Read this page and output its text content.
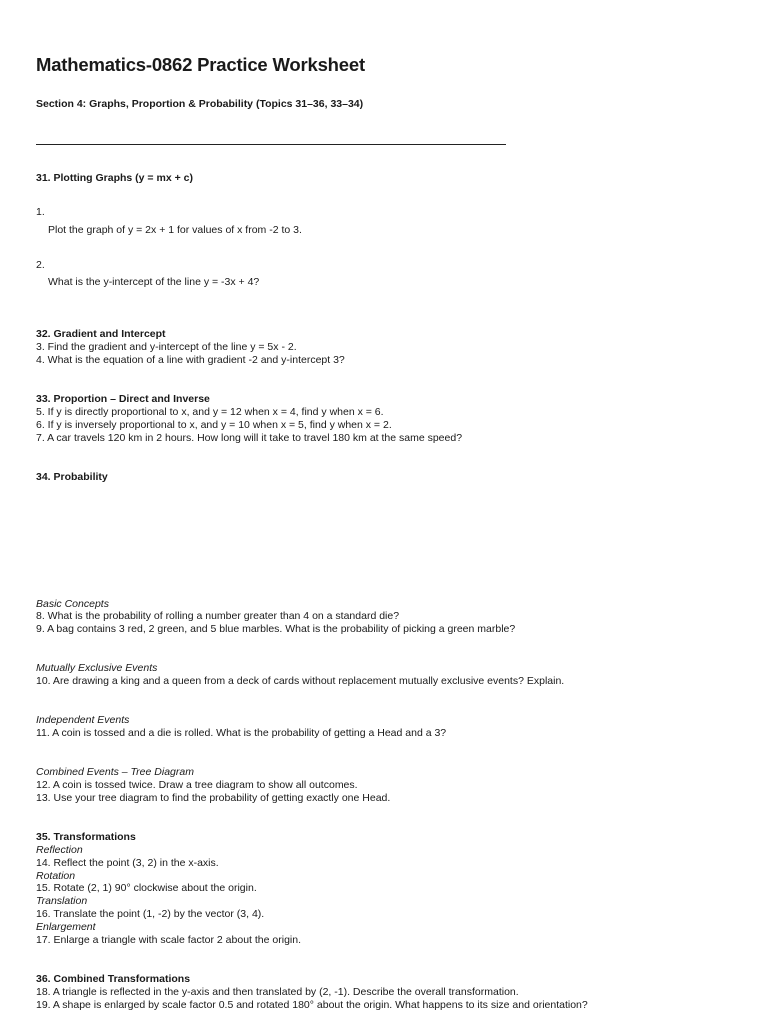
Mathematics-0862 Practice Worksheet
Section 4: Graphs, Proportion & Probability (Topics 31–36, 33–34)
31. Plotting Graphs (y = mx + c)
1.
Plot the graph of y = 2x + 1 for values of x from -2 to 3.
2.
What is the y-intercept of the line y = -3x + 4?
32. Gradient and Intercept
3. Find the gradient and y-intercept of the line y = 5x - 2.
4. What is the equation of a line with gradient -2 and y-intercept 3?
33. Proportion – Direct and Inverse
5. If y is directly proportional to x, and y = 12 when x = 4, find y when x = 6.
6. If y is inversely proportional to x, and y = 10 when x = 5, find y when x = 2.
7. A car travels 120 km in 2 hours. How long will it take to travel 180 km at the same speed?
34. Probability
Basic Concepts
8. What is the probability of rolling a number greater than 4 on a standard die?
9. A bag contains 3 red, 2 green, and 5 blue marbles. What is the probability of picking a green marble?
Mutually Exclusive Events
10. Are drawing a king and a queen from a deck of cards without replacement mutually exclusive events? Explain.
Independent Events
11. A coin is tossed and a die is rolled. What is the probability of getting a Head and a 3?
Combined Events – Tree Diagram
12. A coin is tossed twice. Draw a tree diagram to show all outcomes.
13. Use your tree diagram to find the probability of getting exactly one Head.
35. Transformations
Reflection
14. Reflect the point (3, 2) in the x-axis.
Rotation
15. Rotate (2, 1) 90° clockwise about the origin.
Translation
16. Translate the point (1, -2) by the vector (3, 4).
Enlargement
17. Enlarge a triangle with scale factor 2 about the origin.
36. Combined Transformations
18. A triangle is reflected in the y-axis and then translated by (2, -1). Describe the overall transformation.
19. A shape is enlarged by scale factor 0.5 and rotated 180° about the origin. What happens to its size and orientation?
